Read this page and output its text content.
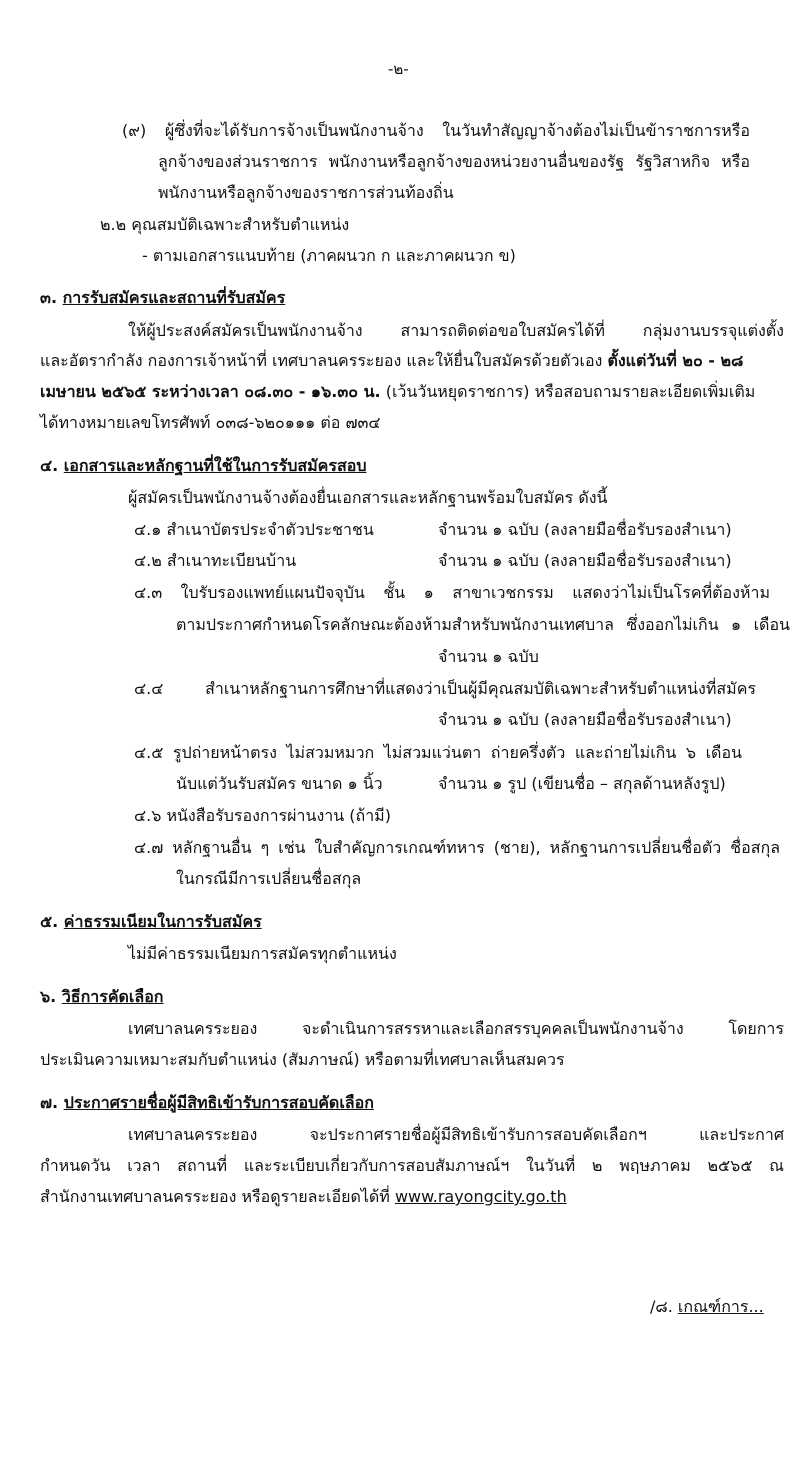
-๒-
(๙) ผู้ซึ่งที่จะได้รับการจ้างเป็นพนักงานจ้าง ในวันทำสัญญาจ้างต้องไม่เป็นข้าราชการหรือ
ลูกจ้างของส่วนราชการ พนักงานหรือลูกจ้างของหน่วยงานอื่นของรัฐ รัฐวิสาหกิจ หรือ
พนักงานหรือลูกจ้างของราชการส่วนท้องถิ่น
๒.๒ คุณสมบัติเฉพาะสำหรับตำแหน่ง
- ตามเอกสารแนบท้าย (ภาคผนวก ก และภาคผนวก ข)
๓. การรับสมัครและสถานที่รับสมัคร
ให้ผู้ประสงค์สมัครเป็นพนักงานจ้าง สามารถติดต่อขอใบสมัครได้ที่ กลุ่มงานบรรจุแต่งตั้ง
และอัตรากำลัง กองการเจ้าหน้าที่ เทศบาลนครระยอง และให้ยื่นใบสมัครด้วยตัวเอง ตั้งแต่วันที่ ๒๐ - ๒๘
เมษายน ๒๕๖๕ ระหว่างเวลา ๐๘.๓๐ - ๑๖.๓๐ น. (เว้นวันหยุดราชการ) หรือสอบถามรายละเอียดเพิ่มเติม
ได้ทางหมายเลขโทรศัพท์ ๐๓๘-๖๒๐๑๑๑ ต่อ ๗๓๔
๔. เอกสารและหลักฐานที่ใช้ในการรับสมัครสอบ
ผู้สมัครเป็นพนักงานจ้างต้องยื่นเอกสารและหลักฐานพร้อมใบสมัคร ดังนี้
๔.๑ สำเนาบัตรประจำตัวประชาชน	จำนวน ๑ ฉบับ (ลงลายมือชื่อรับรองสำเนา)
๔.๒ สำเนาทะเบียนบ้าน	จำนวน ๑ ฉบับ (ลงลายมือชื่อรับรองสำเนา)
๔.๓ ใบรับรองแพทย์แผนปัจจุบัน ชั้น ๑ สาขาเวชกรรม แสดงว่าไม่เป็นโรคที่ต้องห้าม
ตามประกาศกำหนดโรคลักษณะต้องห้ามสำหรับพนักงานเทศบาล ซึ่งออกไม่เกิน ๑ เดือน
จำนวน ๑ ฉบับ
๔.๔ สำเนาหลักฐานการศึกษาที่แสดงว่าเป็นผู้มีคุณสมบัติเฉพาะสำหรับตำแหน่งที่สมัคร
จำนวน ๑ ฉบับ (ลงลายมือชื่อรับรองสำเนา)
๔.๕ รูปถ่ายหน้าตรง ไม่สวมหมวก ไม่สวมแว่นตา ถ่ายครึ่งตัว และถ่ายไม่เกิน ๖ เดือน
นับแต่วันรับสมัคร ขนาด ๑ นิ้ว	จำนวน ๑ รูป (เขียนชื่อ – สกุลด้านหลังรูป)
๔.๖ หนังสือรับรองการผ่านงาน (ถ้ามี)
๔.๗ หลักฐานอื่น ๆ เช่น ใบสำคัญการเกณฑ์ทหาร (ชาย), หลักฐานการเปลี่ยนชื่อตัว ชื่อสกุล
ในกรณีมีการเปลี่ยนชื่อสกุล
๕. ค่าธรรมเนียมในการรับสมัคร
ไม่มีค่าธรรมเนียมการสมัครทุกตำแหน่ง
๖. วิธีการคัดเลือก
เทศบาลนครระยอง จะดำเนินการสรรหาและเลือกสรรบุคคลเป็นพนักงานจ้าง โดยการ
ประเมินความเหมาะสมกับตำแหน่ง (สัมภาษณ์) หรือตามที่เทศบาลเห็นสมควร
๗. ประกาศรายชื่อผู้มีสิทธิเข้ารับการสอบคัดเลือก
เทศบาลนครระยอง จะประกาศรายชื่อผู้มีสิทธิเข้ารับการสอบคัดเลือกฯ และประกาศ
กำหนดวัน เวลา สถานที่ และระเบียบเกี่ยวกับการสอบสัมภาษณ์ฯ ในวันที่ ๒ พฤษภาคม ๒๕๖๕ ณ
สำนักงานเทศบาลนครระยอง หรือดูรายละเอียดได้ที่ www.rayongcity.go.th
/๘. เกณฑ์การ...
